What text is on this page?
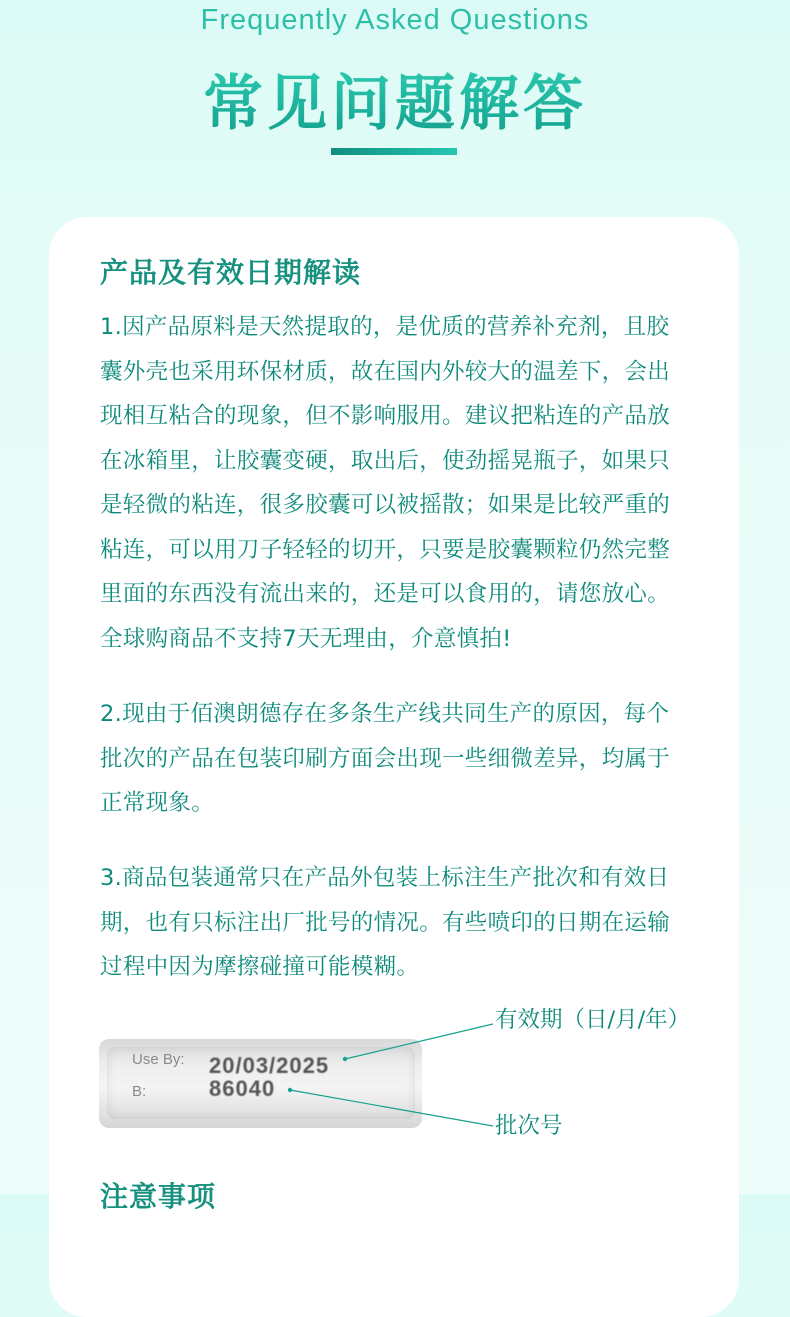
Frequently Asked Questions
常见问题解答
产品及有效日期解读
1.因产品原料是天然提取的，是优质的营养补充剂，且胶
囊外壳也采用环保材质，故在国内外较大的温差下，会出
现相互粘合的现象，但不影响服用。建议把粘连的产品放
在冰箱里，让胶囊变硬，取出后，使劲摇晃瓶子，如果只
是轻微的粘连，很多胶囊可以被摇散；如果是比较严重的
粘连，可以用刀子轻轻的切开，只要是胶囊颗粒仍然完整
里面的东西没有流出来的，还是可以食用的，请您放心。
全球购商品不支持7天无理由，介意慎拍!
2.现由于佰澳朗德存在多条生产线共同生产的原因，每个
批次的产品在包装印刷方面会出现一些细微差异，均属于
正常现象。
3.商品包装通常只在产品外包装上标注生产批次和有效日
期，也有只标注出厂批号的情况。有些喷印的日期在运输
过程中因为摩擦碰撞可能模糊。
Use By: 20/03/2025
B:	86040
有效期（日/月/年）
批次号
注意事项
